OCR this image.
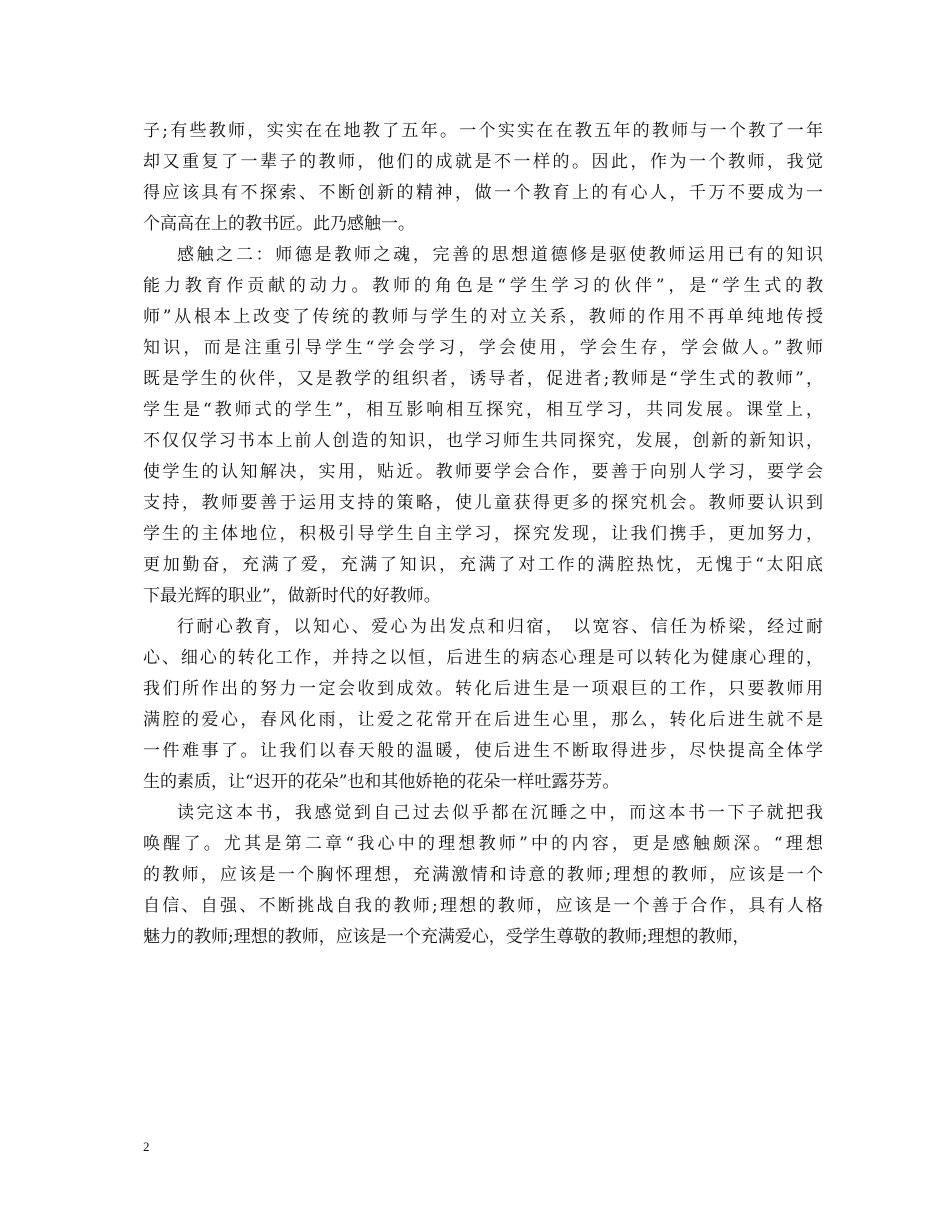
子;有些教师，实实在在地教了五年。一个实实在在教五年的教师与一个教了一年
却又重复了一辈子的教师，他们的成就是不一样的。因此，作为一个教师，我觉
得应该具有不探索、不断创新的精神，做一个教育上的有心人，千万不要成为一
个高高在上的教书匠。此乃感触一。
感触之二：师德是教师之魂，完善的思想道德修是驱使教师运用已有的知识
能力教育作贡献的动力。教师的角色是“学生学习的伙伴”，是“学生式的教
师”从根本上改变了传统的教师与学生的对立关系，教师的作用不再单纯地传授
知识，而是注重引导学生“学会学习，学会使用，学会生存，学会做人。”教师
既是学生的伙伴，又是教学的组织者，诱导者，促进者;教师是“学生式的教师”，
学生是“教师式的学生”，相互影响相互探究，相互学习，共同发展。课堂上，
不仅仅学习书本上前人创造的知识，也学习师生共同探究，发展，创新的新知识，
使学生的认知解决，实用，贴近。教师要学会合作，要善于向别人学习，要学会
支持，教师要善于运用支持的策略，使儿童获得更多的探究机会。教师要认识到
学生的主体地位，积极引导学生自主学习，探究发现，让我们携手，更加努力，
更加勤奋，充满了爱，充满了知识，充满了对工作的满腔热忱，无愧于“太阳底
下最光辉的职业”，做新时代的好教师。
行耐心教育，以知心、爱心为出发点和归宿， 以宽容、信任为桥梁，经过耐
心、细心的转化工作，并持之以恒，后进生的病态心理是可以转化为健康心理的，
我们所作出的努力一定会收到成效。转化后进生是一项艰巨的工作，只要教师用
满腔的爱心，春风化雨，让爱之花常开在后进生心里，那么，转化后进生就不是
一件难事了。让我们以春天般的温暖，使后进生不断取得进步，尽快提高全体学
生的素质，让“迟开的花朵”也和其他娇艳的花朵一样吐露芬芳。
读完这本书，我感觉到自己过去似乎都在沉睡之中，而这本书一下子就把我
唤醒了。尤其是第二章“我心中的理想教师”中的内容，更是感触颇深。“理想
的教师，应该是一个胸怀理想，充满激情和诗意的教师;理想的教师，应该是一个
自信、自强、不断挑战自我的教师;理想的教师，应该是一个善于合作，具有人格
魅力的教师;理想的教师，应该是一个充满爱心，受学生尊敬的教师;理想的教师，
2
